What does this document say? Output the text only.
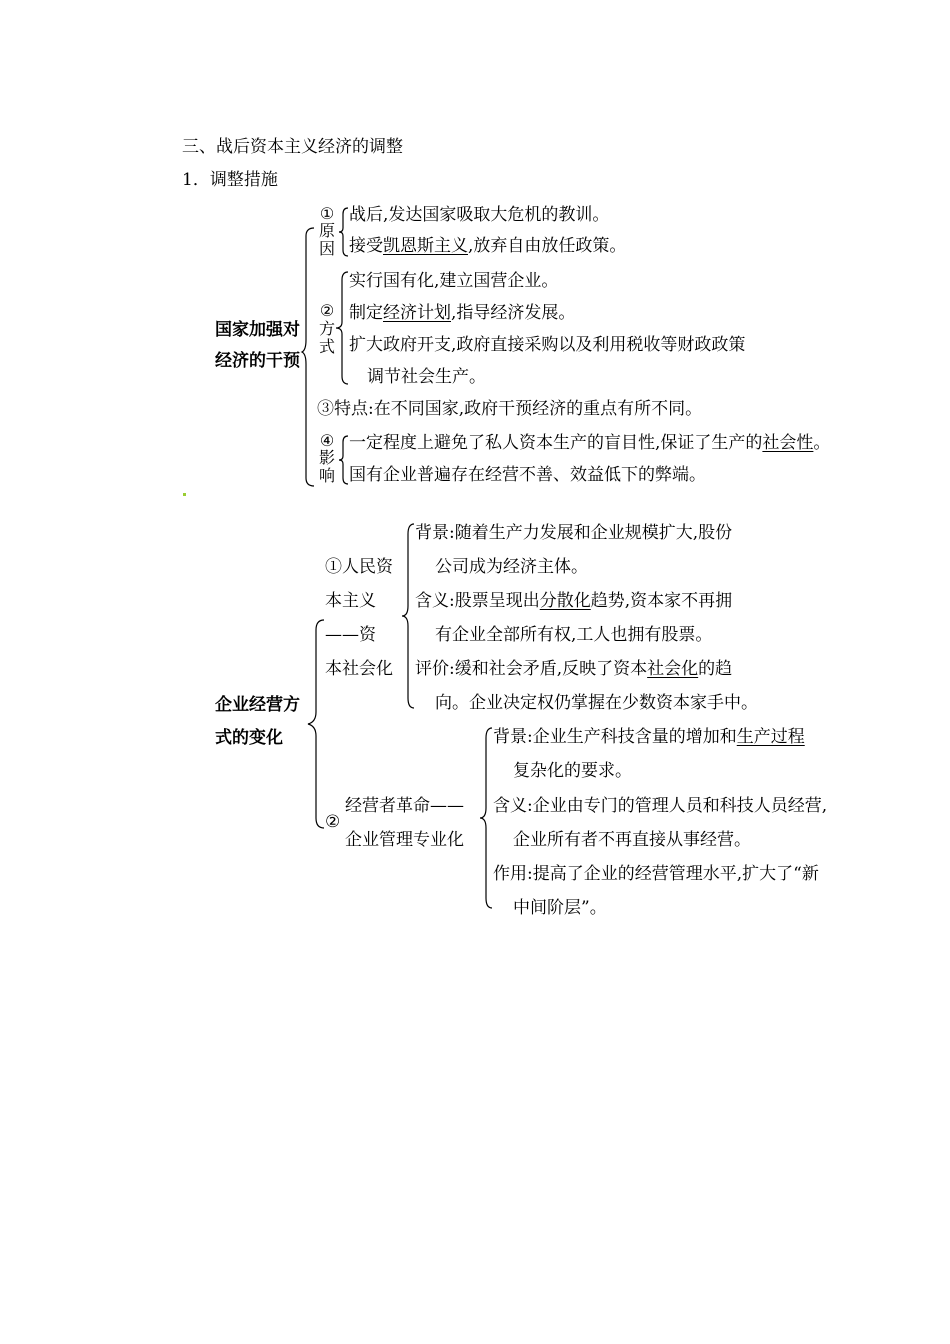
三、战后资本主义经济的调整
1．调整措施
国家加强对
经济的干预
①
原
因
战后,发达国家吸取大危机的教训。
接受凯恩斯主义,放弃自由放任政策。
②
方
式
实行国有化,建立国营企业。
制定经济计划,指导经济发展。
扩大政府开支,政府直接采购以及利用税收等财政政策
调节社会生产。
③特点:在不同国家,政府干预经济的重点有所不同。
④
影
响
一定程度上避免了私人资本生产的盲目性,保证了生产的社会性。
国有企业普遍存在经营不善、效益低下的弊端。
企业经营方
式的变化
①人民资
本主义
——资
本社会化
背景:随着生产力发展和企业规模扩大,股份
公司成为经济主体。
含义:股票呈现出分散化趋势,资本家不再拥
有企业全部所有权,工人也拥有股票。
评价:缓和社会矛盾,反映了资本社会化的趋
向。企业决定权仍掌握在少数资本家手中。
②
经营者革命——
企业管理专业化
背景:企业生产科技含量的增加和生产过程
复杂化的要求。
含义:企业由专门的管理人员和科技人员经营,
企业所有者不再直接从事经营。
作用:提高了企业的经营管理水平,扩大了“新
中间阶层”。
